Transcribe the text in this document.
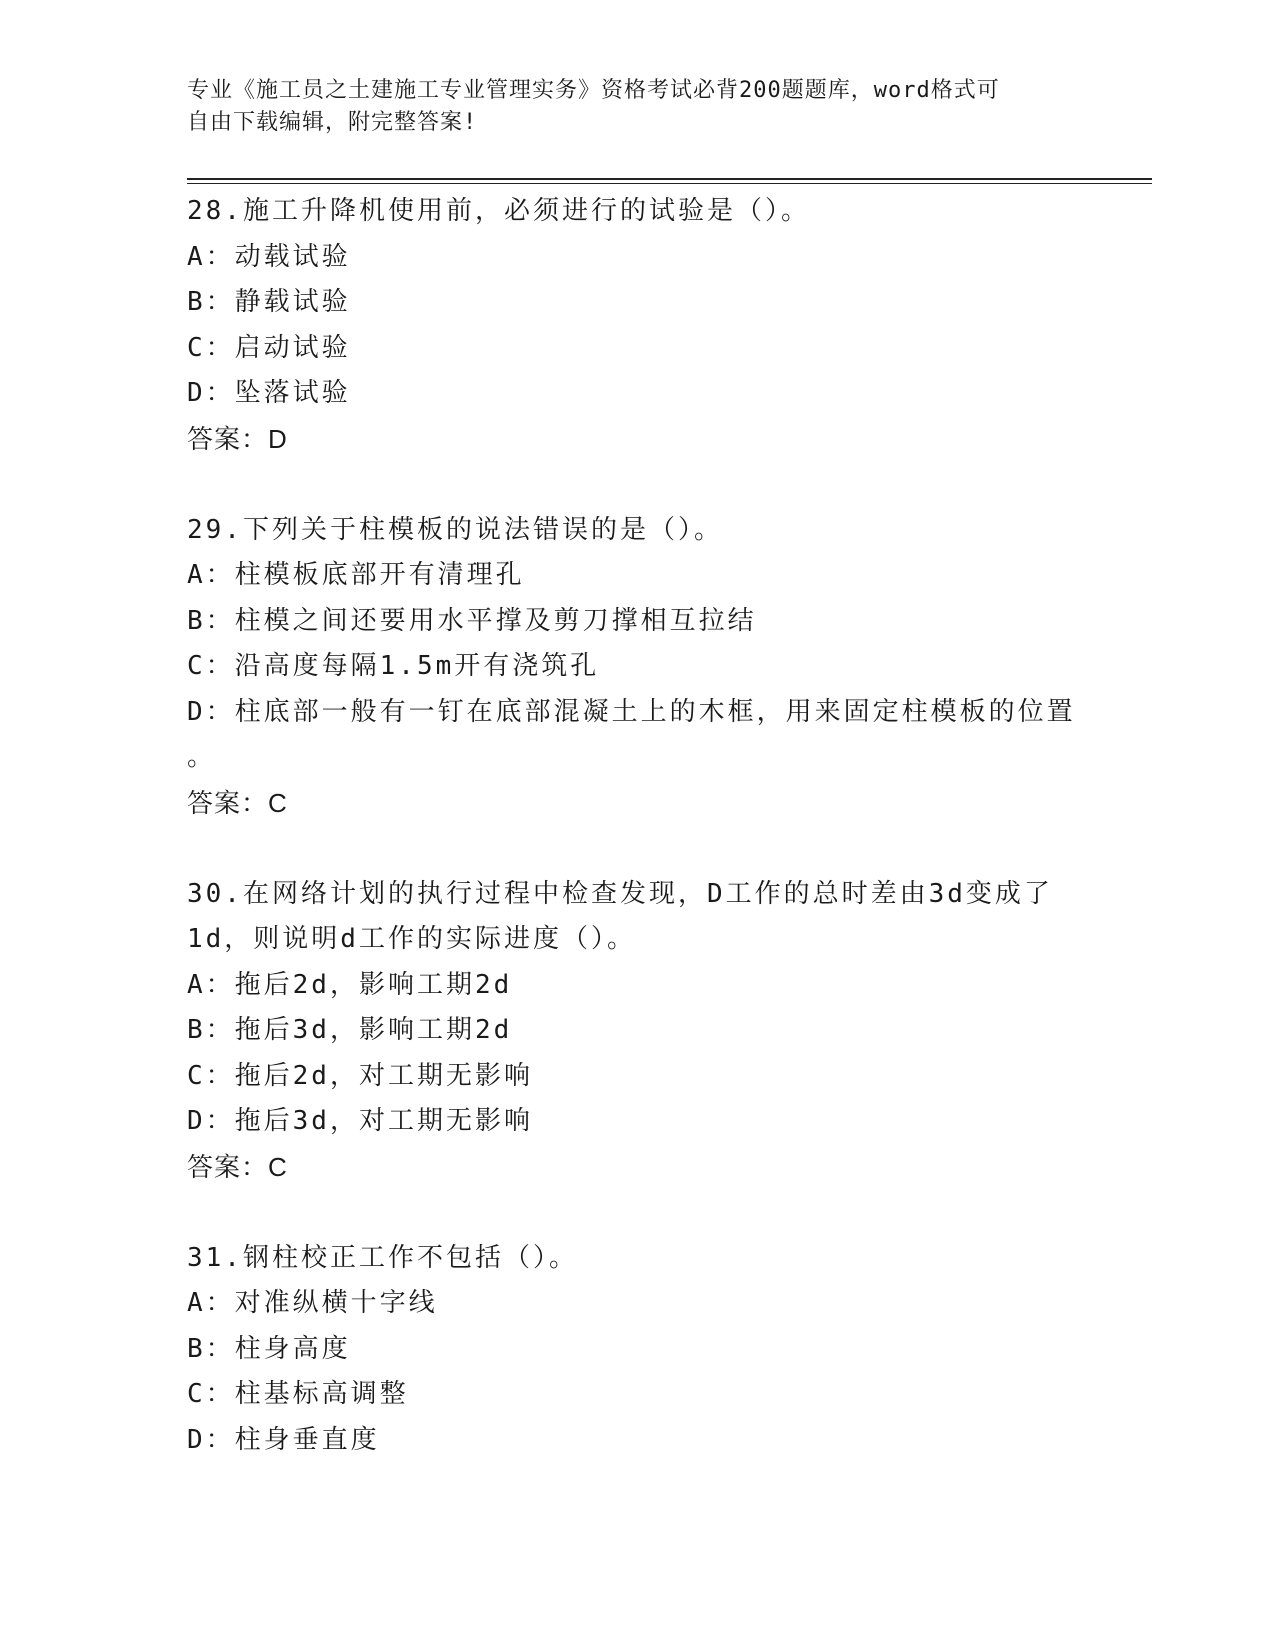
专业《施工员之土建施工专业管理实务》资格考试必背200题题库，word格式可
自由下载编辑，附完整答案!
28.施工升降机使用前，必须进行的试验是（）。
A：动载试验
B：静载试验
C：启动试验
D：坠落试验
答案：D
29.下列关于柱模板的说法错误的是（）。
A：柱模板底部开有清理孔
B：柱模之间还要用水平撑及剪刀撑相互拉结
C：沿高度每隔1.5m开有浇筑孔
D：柱底部一般有一钉在底部混凝土上的木框，用来固定柱模板的位置
。
答案：C
30.在网络计划的执行过程中检查发现，D工作的总时差由3d变成了
1d，则说明d工作的实际进度（）。
A：拖后2d，影响工期2d
B：拖后3d，影响工期2d
C：拖后2d，对工期无影响
D：拖后3d，对工期无影响
答案：C
31.钢柱校正工作不包括（）。
A：对准纵横十字线
B：柱身高度
C：柱基标高调整
D：柱身垂直度
